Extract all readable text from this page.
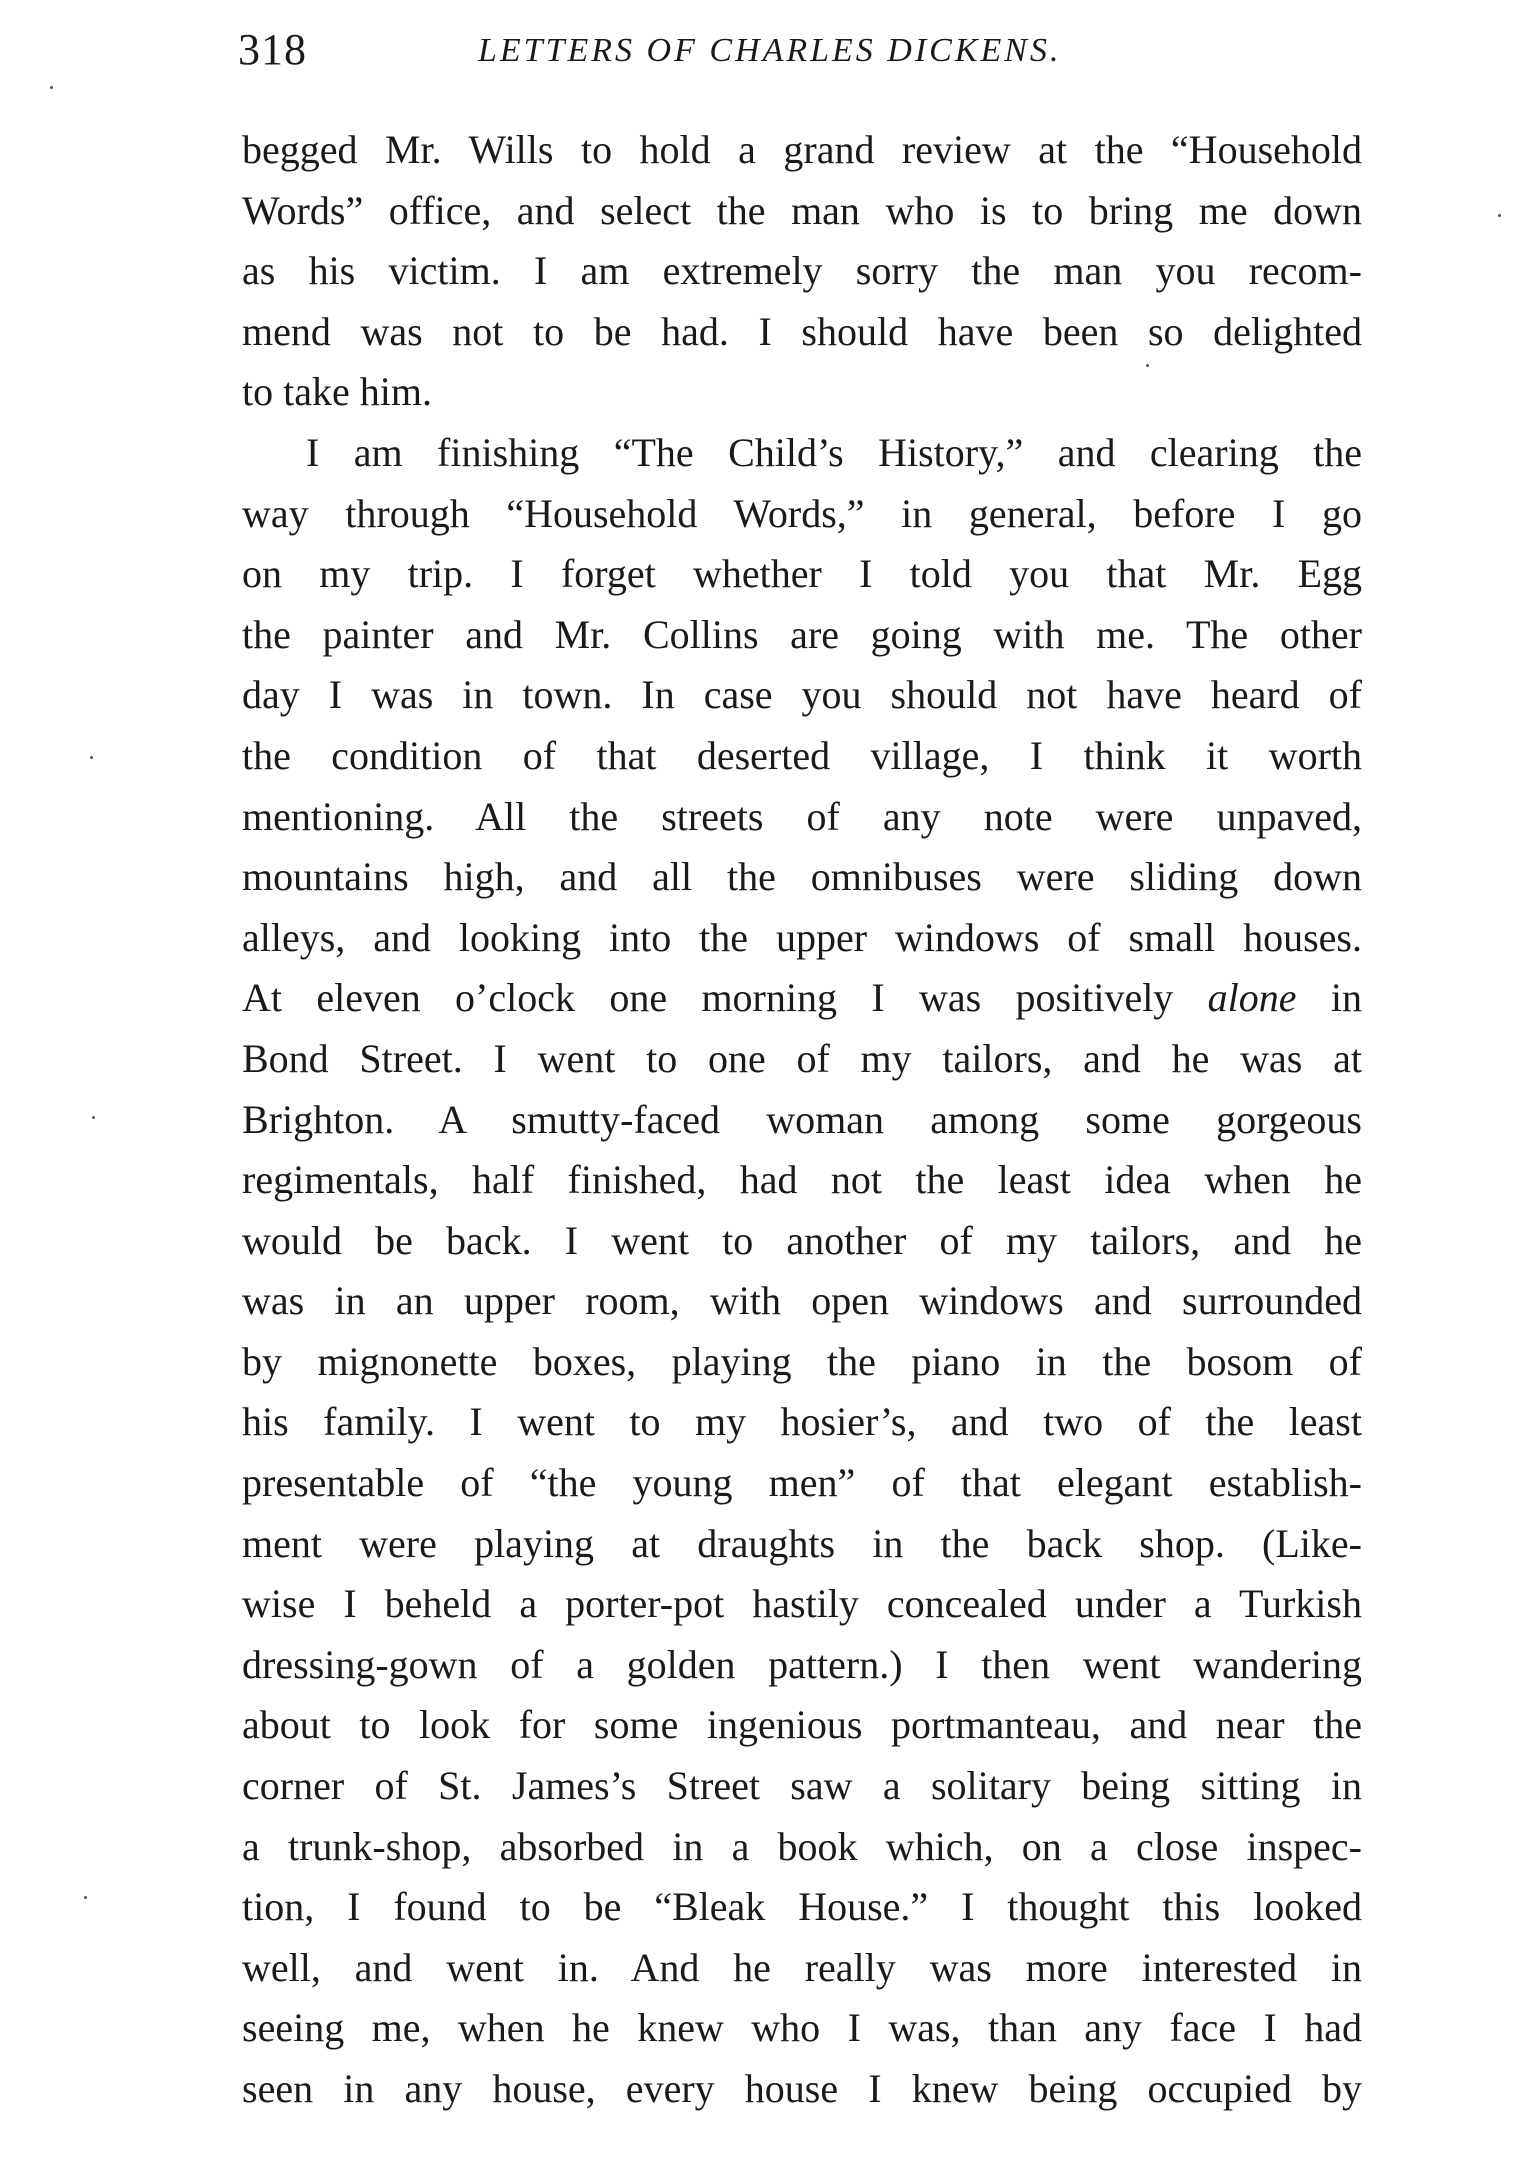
318	LETTERS OF CHARLES DICKENS.
begged Mr. Wills to hold a grand review at the “Household
Words” office, and select the man who is to bring me down
as his victim. I am extremely sorry the man you recom-
mend was not to be had. I should have been so delighted
to take him.
I am finishing “The Child’s History,” and clearing the
way through “Household Words,” in general, before I go
on my trip. I forget whether I told you that Mr. Egg
the painter and Mr. Collins are going with me. The other
day I was in town. In case you should not have heard of
the condition of that deserted village, I think it worth
mentioning. All the streets of any note were unpaved,
mountains high, and all the omnibuses were sliding down
alleys, and looking into the upper windows of small houses.
At eleven o’clock one morning I was positively alone in
Bond Street. I went to one of my tailors, and he was at
Brighton. A smutty-faced woman among some gorgeous
regimentals, half finished, had not the least idea when he
would be back. I went to another of my tailors, and he
was in an upper room, with open windows and surrounded
by mignonette boxes, playing the piano in the bosom of
his family. I went to my hosier’s, and two of the least
presentable of “the young men” of that elegant establish-
ment were playing at draughts in the back shop. (Like-
wise I beheld a porter-pot hastily concealed under a Turkish
dressing-gown of a golden pattern.) I then went wandering
about to look for some ingenious portmanteau, and near the
corner of St. James’s Street saw a solitary being sitting in
a trunk-shop, absorbed in a book which, on a close inspec-
tion, I found to be “Bleak House.” I thought this looked
well, and went in. And he really was more interested in
seeing me, when he knew who I was, than any face I had
seen in any house, every house I knew being occupied by
